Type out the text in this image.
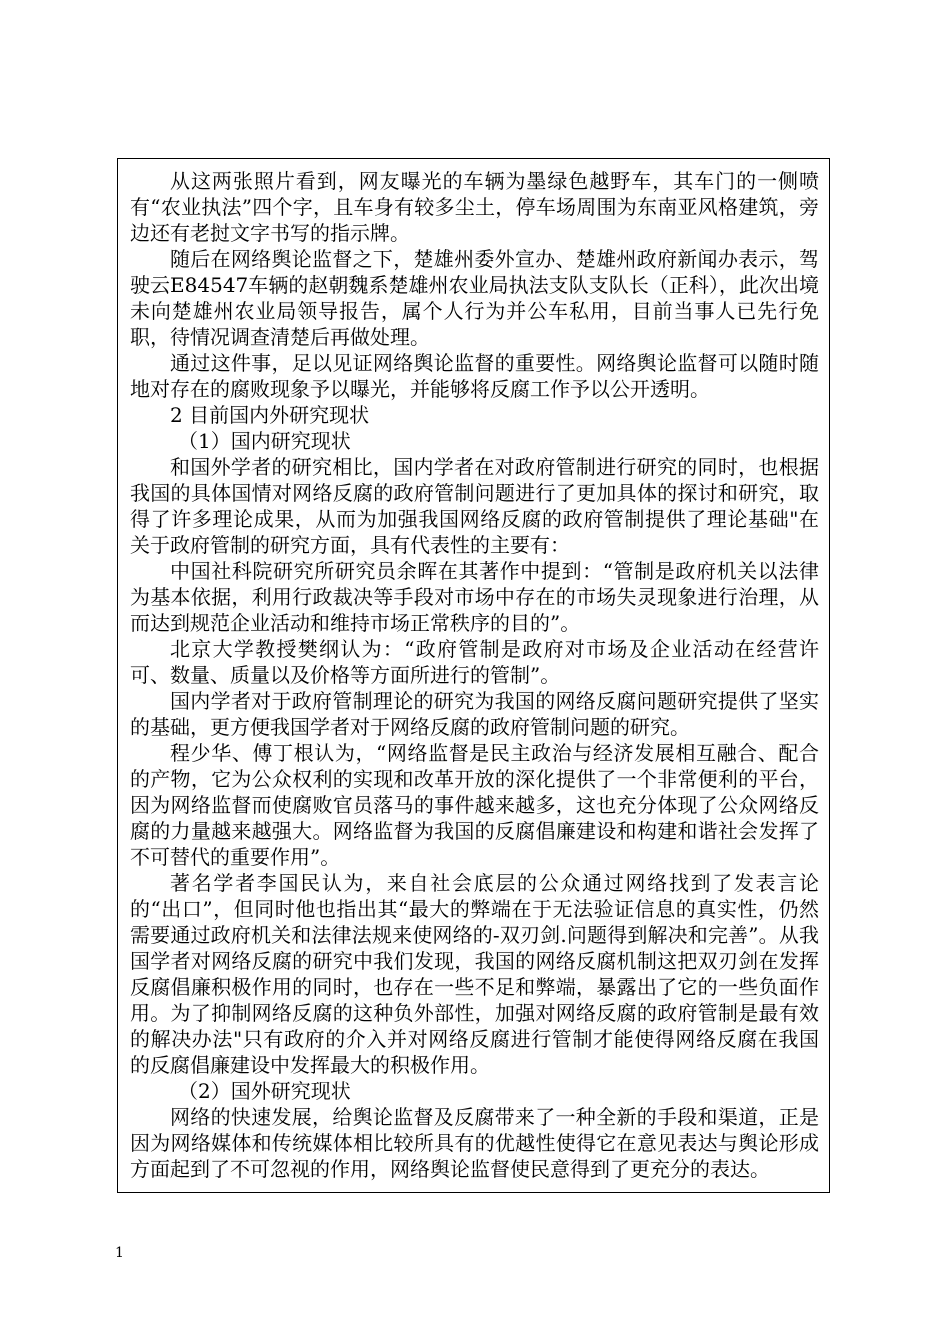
从这两张照片看到，网友曝光的车辆为墨绿色越野车，其车门的一侧喷有“农业执法”四个字，且车身有较多尘土，停车场周围为东南亚风格建筑，旁边还有老挝文字书写的指示牌。

随后在网络舆论监督之下，楚雄州委外宣办、楚雄州政府新闻办表示，驾驶云E84547车辆的赵朝魏系楚雄州农业局执法支队支队长（正科），此次出境未向楚雄州农业局领导报告，属个人行为并公车私用，目前当事人已先行免职，待情况调查清楚后再做处理。

通过这件事，足以见证网络舆论监督的重要性。网络舆论监督可以随时随地对存在的腐败现象予以曝光，并能够将反腐工作予以公开透明。

2 目前国内外研究现状

（1）国内研究现状

和国外学者的研究相比，国内学者在对政府管制进行研究的同时，也根据我国的具体国情对网络反腐的政府管制问题进行了更加具体的探讨和研究，取得了许多理论成果，从而为加强我国网络反腐的政府管制提供了理论基础"在关于政府管制的研究方面，具有代表性的主要有：

中国社科院研究所研究员余晖在其著作中提到：“管制是政府机关以法律为基本依据，利用行政裁决等手段对市场中存在的市场失灵现象进行治理，从而达到规范企业活动和维持市场正常秩序的目的”。

北京大学教授樊纲认为：“政府管制是政府对市场及企业活动在经营许可、数量、质量以及价格等方面所进行的管制”。

国内学者对于政府管制理论的研究为我国的网络反腐问题研究提供了坚实的基础，更方便我国学者对于网络反腐的政府管制问题的研究。

程少华、傅丁根认为，“网络监督是民主政治与经济发展相互融合、配合的产物，它为公众权利的实现和改革开放的深化提供了一个非常便利的平台，因为网络监督而使腐败官员落马的事件越来越多，这也充分体现了公众网络反腐的力量越来越强大。网络监督为我国的反腐倡廉建设和构建和谐社会发挥了不可替代的重要作用”。

著名学者李国民认为，来自社会底层的公众通过网络找到了发表言论的“出口”，但同时他也指出其“最大的弊端在于无法验证信息的真实性，仍然需要通过政府机关和法律法规来使网络的-双刃剑.问题得到解决和完善”。从我国学者对网络反腐的研究中我们发现，我国的网络反腐机制这把双刃剑在发挥反腐倡廉积极作用的同时，也存在一些不足和弊端，暴露出了它的一些负面作用。为了抑制网络反腐的这种负外部性，加强对网络反腐的政府管制是最有效的解决办法"只有政府的介入并对网络反腐进行管制才能使得网络反腐在我国的反腐倡廉建设中发挥最大的积极作用。

（2）国外研究现状

网络的快速发展，给舆论监督及反腐带来了一种全新的手段和渠道，正是因为网络媒体和传统媒体相比较所具有的优越性使得它在意见表达与舆论形成方面起到了不可忽视的作用，网络舆论监督使民意得到了更充分的表达。

1
